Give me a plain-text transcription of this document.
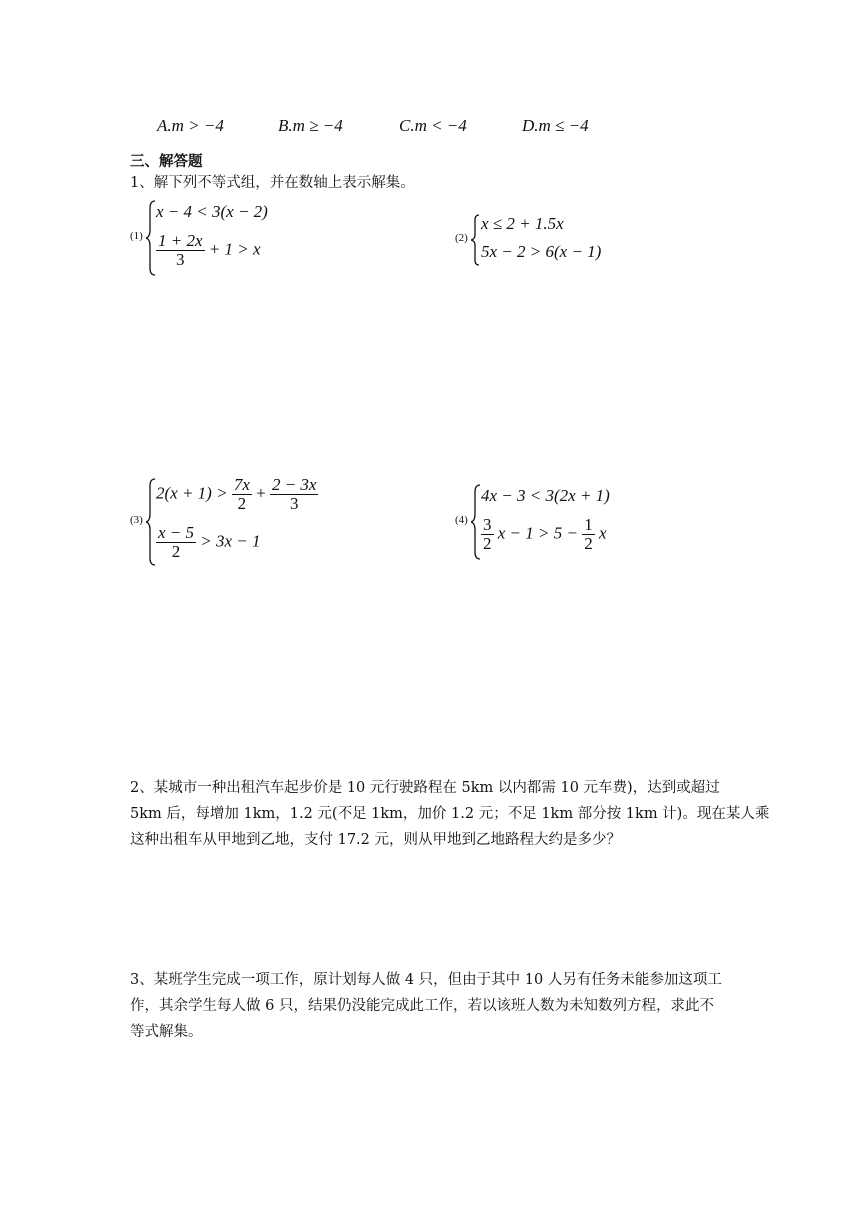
A.m > −4	B.m ≥ −4	C.m < −4	D.m ≤ −4
三、解答题
1、解下列不等式组，并在数轴上表示解集。
(1)
x − 4 < 3(x − 2)
$\frac{1 + 2x}{3} + 1 > x$
(2)
x ≤ 2 + 1.5x
5x − 2 > 6(x − 1)
(3)
$2(x + 1) > \frac{7x}{2} + \frac{2 - 3x}{3}$
$\frac{x - 5}{2} > 3x - 1$
(4)
4x − 3 < 3(2x + 1)
$\frac{3}{2}$ $x - 1 > 5 - \frac{1}{2}$ x
2、某城市一种出租汽车起步价是 10 元行驶路程在 5km 以内都需 10 元车费)，达到或超过
5km 后，每增加 1km，1.2 元(不足 1km，加价 1.2 元；不足 1km 部分按 1km 计)。现在某人乘
这种出租车从甲地到乙地，支付 17.2 元，则从甲地到乙地路程大约是多少？
3、某班学生完成一项工作，原计划每人做 4 只，但由于其中 10 人另有任务未能参加这项工
作，其余学生每人做 6 只，结果仍没能完成此工作，若以该班人数为未知数列方程，求此不
等式解集。
